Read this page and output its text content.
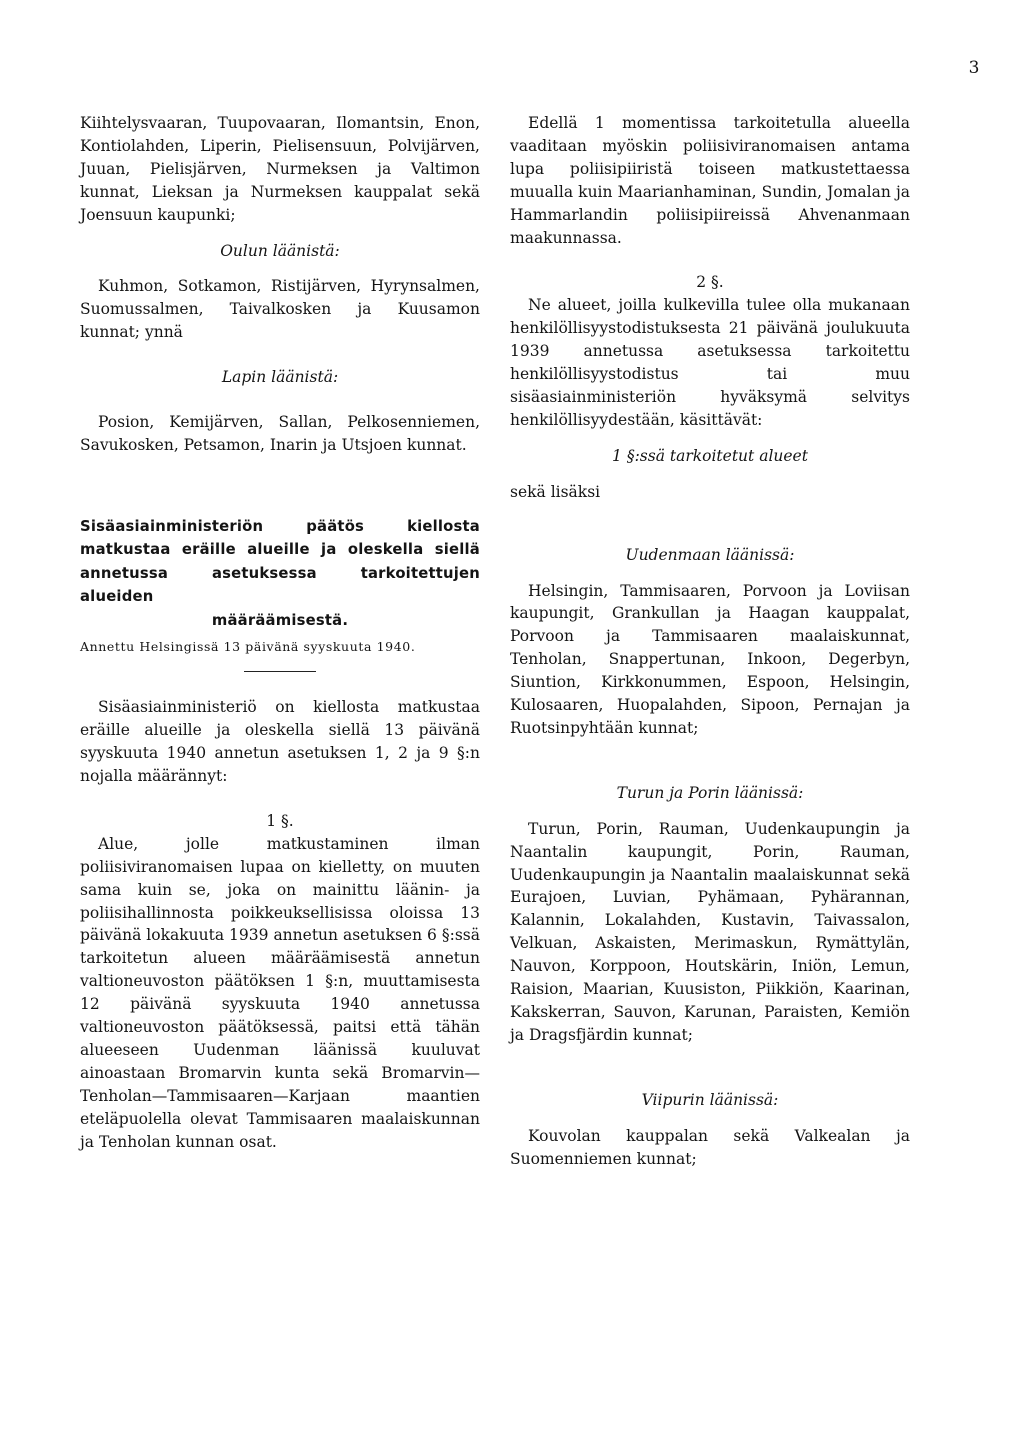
3

Kiihtelysvaaran, Tuupovaaran, Ilomantsin, Enon, Kontiolahden, Liperin, Pielisensuun, Polvijärven, Juuan, Pielisjärven, Nurmeksen ja Valtimon kunnat, Lieksan ja Nurmeksen kauppalat sekä Joensuun kaupunki;

Oulun läänistä:

Kuhmon, Sotkamon, Ristijärven, Hyrynsalmen, Suomussalmen, Taivalkosken ja Kuusamon kunnat; ynnä

Lapin läänistä:

Posion, Kemijärven, Sallan, Pelkosenniemen, Savukosken, Petsamon, Inarin ja Utsjoen kunnat.

Sisäasiainministeriön päätös kiellosta matkustaa eräille alueille ja oleskella siellä annetussa asetuksessa tarkoitettujen alueiden
määräämisestä.

Annettu Helsingissä 13 päivänä syyskuuta 1940.

Sisäasiainministeriö on kiellosta matkustaa eräille alueille ja oleskella siellä 13 päivänä syyskuuta 1940 annetun asetuksen 1, 2 ja 9 §:n nojalla määrännyt:

1 §.

Alue, jolle matkustaminen ilman poliisiviranomaisen lupaa on kielletty, on muuten sama kuin se, joka on mainittu läänin- ja poliisihallinnosta poikkeuksellisissa oloissa 13 päivänä lokakuuta 1939 annetun asetuksen 6 §:ssä tarkoitetun alueen määräämisestä annetun valtioneuvoston päätöksen 1 §:n, muuttamisesta 12 päivänä syyskuuta 1940 annetussa valtioneuvoston päätöksessä, paitsi että tähän alueeseen Uudenman läänissä kuuluvat ainoastaan Bromarvin kunta sekä Bromarvin—Tenholan—Tammisaaren—Karjaan maantien eteläpuolella olevat Tammisaaren maalaiskunnan ja Tenholan kunnan osat.

Edellä 1 momentissa tarkoitetulla alueella vaaditaan myöskin poliisiviranomaisen antama lupa poliisipiiristä toiseen matkustettaessa muualla kuin Maarianhaminan, Sundin, Jomalan ja Hammarlandin poliisipiireissä Ahvenanmaan maakunnassa.

2 §.

Ne alueet, joilla kulkevilla tulee olla mukanaan henkilöllisyystodistuksesta 21 päivänä joulukuuta 1939 annetussa asetuksessa tarkoitettu henkilöllisyystodistus tai muu sisäasiainministeriön hyväksymä selvitys henkilöllisyydestään, käsittävät:

1 §:ssä tarkoitetut alueet

sekä lisäksi

Uudenmaan läänissä:

Helsingin, Tammisaaren, Porvoon ja Loviisan kaupungit, Grankullan ja Haagan kauppalat, Porvoon ja Tammisaaren maalaiskunnat, Tenholan, Snappertunan, Inkoon, Degerbyn, Siuntion, Kirkkonummen, Espoon, Helsingin, Kulosaaren, Huopalahden, Sipoon, Pernajan ja Ruotsinpyhtään kunnat;

Turun ja Porin läänissä:

Turun, Porin, Rauman, Uudenkaupungin ja Naantalin kaupungit, Porin, Rauman, Uudenkaupungin ja Naantalin maalaiskunnat sekä Eurajoen, Luvian, Pyhämaan, Pyhärannan, Kalannin, Lokalahden, Kustavin, Taivassalon, Velkuan, Askaisten, Merimaskun, Rymättylän, Nauvon, Korppoon, Houtskärin, Iniön, Lemun, Raision, Maarian, Kuusiston, Piikkiön, Kaarinan, Kakskerran, Sauvon, Karunan, Paraisten, Kemiön ja Dragsfjärdin kunnat;

Viipurin läänissä:

Kouvolan kauppalan sekä Valkealan ja Suomenniemen kunnat;
